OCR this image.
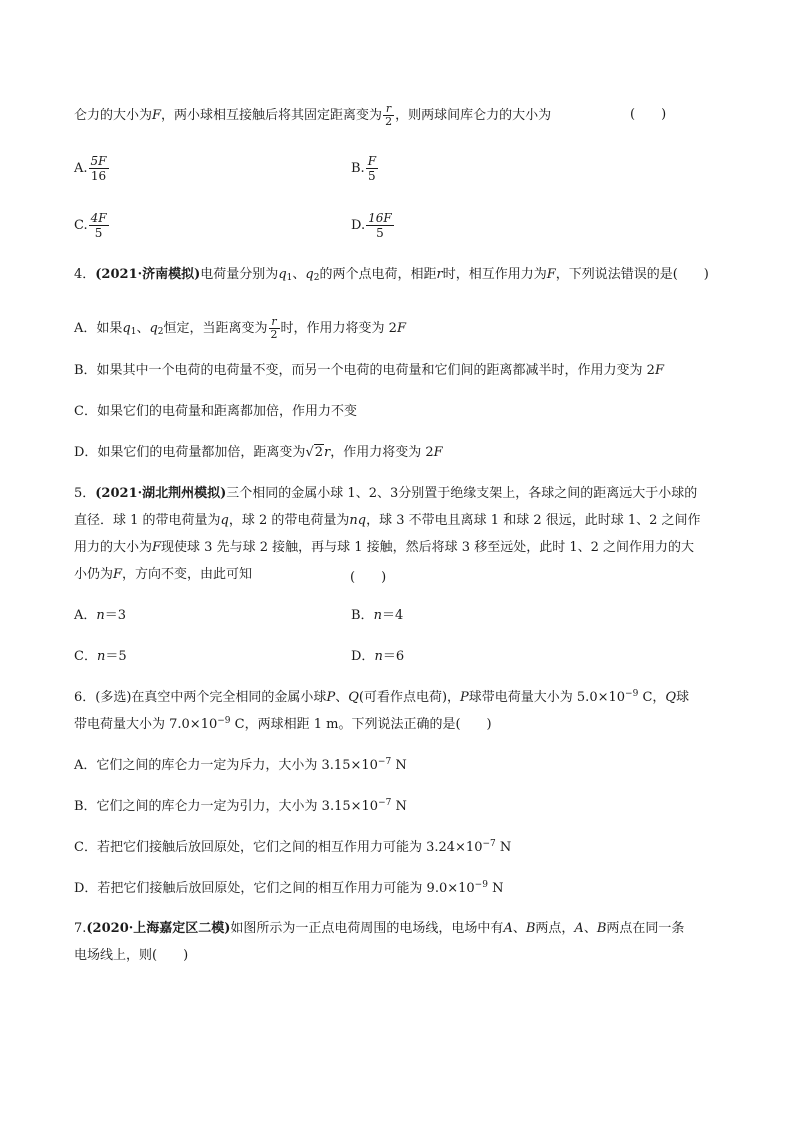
仑力的大小为F，两小球相互接触后将其固定距离变为 $\frac{r}{2}$ ，则两球间库仑力的大小为	(　　)
A. $\frac{5F}{16}$	B. $\frac{F}{5}$
C. $\frac{4F}{5}$	D. $\frac{16F}{5}$
4．(2021·济南模拟)电荷量分别为$q_1$、$q_2$的两个点电荷，相距r时，相互作用力为F，下列说法错误的是(　　)
A．如果$q_1$、$q_2$恒定，当距离变为 $\frac{r}{2}$ 时，作用力将变为 2F
B．如果其中一个电荷的电荷量不变，而另一个电荷的电荷量和它们间的距离都减半时，作用力变为 2F
C．如果它们的电荷量和距离都加倍，作用力不变
D．如果它们的电荷量都加倍，距离变为√2r，作用力将变为 2F
5．(2021·湖北荆州模拟)三个相同的金属小球 1、2、3分别置于绝缘支架上，各球之间的距离远大于小球的
直径．球 1 的带电荷量为q，球 2 的带电荷量为nq，球 3 不带电且离球 1 和球 2 很远，此时球 1、2 之间作
用力的大小为F现使球 3 先与球 2 接触，再与球 1 接触，然后将球 3 移至远处，此时 1、2 之间作用力的大
小仍为F，方向不变，由此可知	(　　)
A．n＝3	B．n＝4
C．n＝5	D．n＝6
6．(多选)在真空中两个完全相同的金属小球P、Q(可看作点电荷)，P球带电荷量大小为 $5.0\times 10^{-9}$ C，Q球
带电荷量大小为 $7.0\times 10^{-9}$ C，两球相距 1 m。下列说法正确的是(　　)
A．它们之间的库仑力一定为斥力，大小为 $3.15\times 10^{-7}$ N
B．它们之间的库仑力一定为引力，大小为 $3.15\times 10^{-7}$ N
C．若把它们接触后放回原处，它们之间的相互作用力可能为 $3.24\times 10^{-7}$ N
D．若把它们接触后放回原处，它们之间的相互作用力可能为 $9.0\times 10^{-9}$ N
7.(2020·上海嘉定区二模)如图所示为一正点电荷周围的电场线，电场中有A、B两点，A、B两点在同一条
电场线上，则(　　)
